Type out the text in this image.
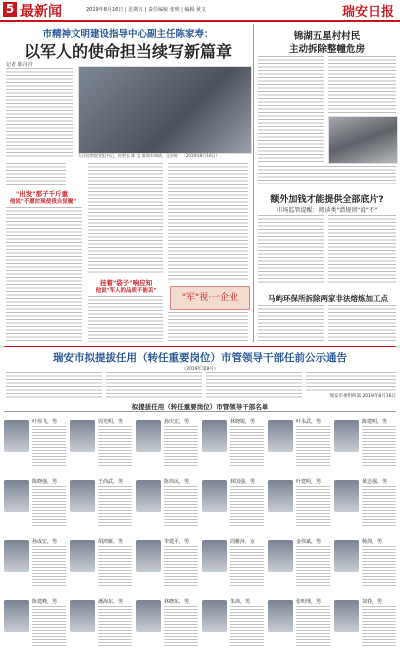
5 最新闻	2019年8月16日 | 星期五 | 责任编辑 张明 | 编辑 黄文	瑞安日报
市精神文明建设指导中心副主任陈家寿：
以军人的使命担当续写新篇章
记者 陈丹丹
人民检察院党组书记、检察长 陈 文 陈海东调研，文同时：（2019年8月16日）
"出发"那子千斤重
他说"不愿拉现使我自觉履"
挂着"袋子"响应知
他说"军人的品质不能丢"
"军"视·一企业
锦湖五星村村民
主动拆除整幢危房
额外加钱才能提供全部底片?
市场监管提醒：阅读类"潜规则"说"不"
马屿环保所拆除两家非法熔炼加工点
瑞安市拟提拔任用（转任重要岗位）市管领导干部任前公示通告
（2019年第8号）
瑞安市委组织部 2019年8月16日
拟提拔任用（转任重要岗位）市管领导干部名单
叶伟飞，男	周光明，男	孙庆宏，男	林晓锐，男	叶永武，男	陈建明，男
陈晓强，男	王尚武，男	陈伟民，男	林国强，男	叶建明，男	黄志强，男
孙成宏，男	胡鸿雁，男	李建平，男	周雅萍，女	金伟斌，男	杨剑，男
陈建峰，男	潘海东，男	林晓东，男	朱海，男	张明理，男	刘春，男
